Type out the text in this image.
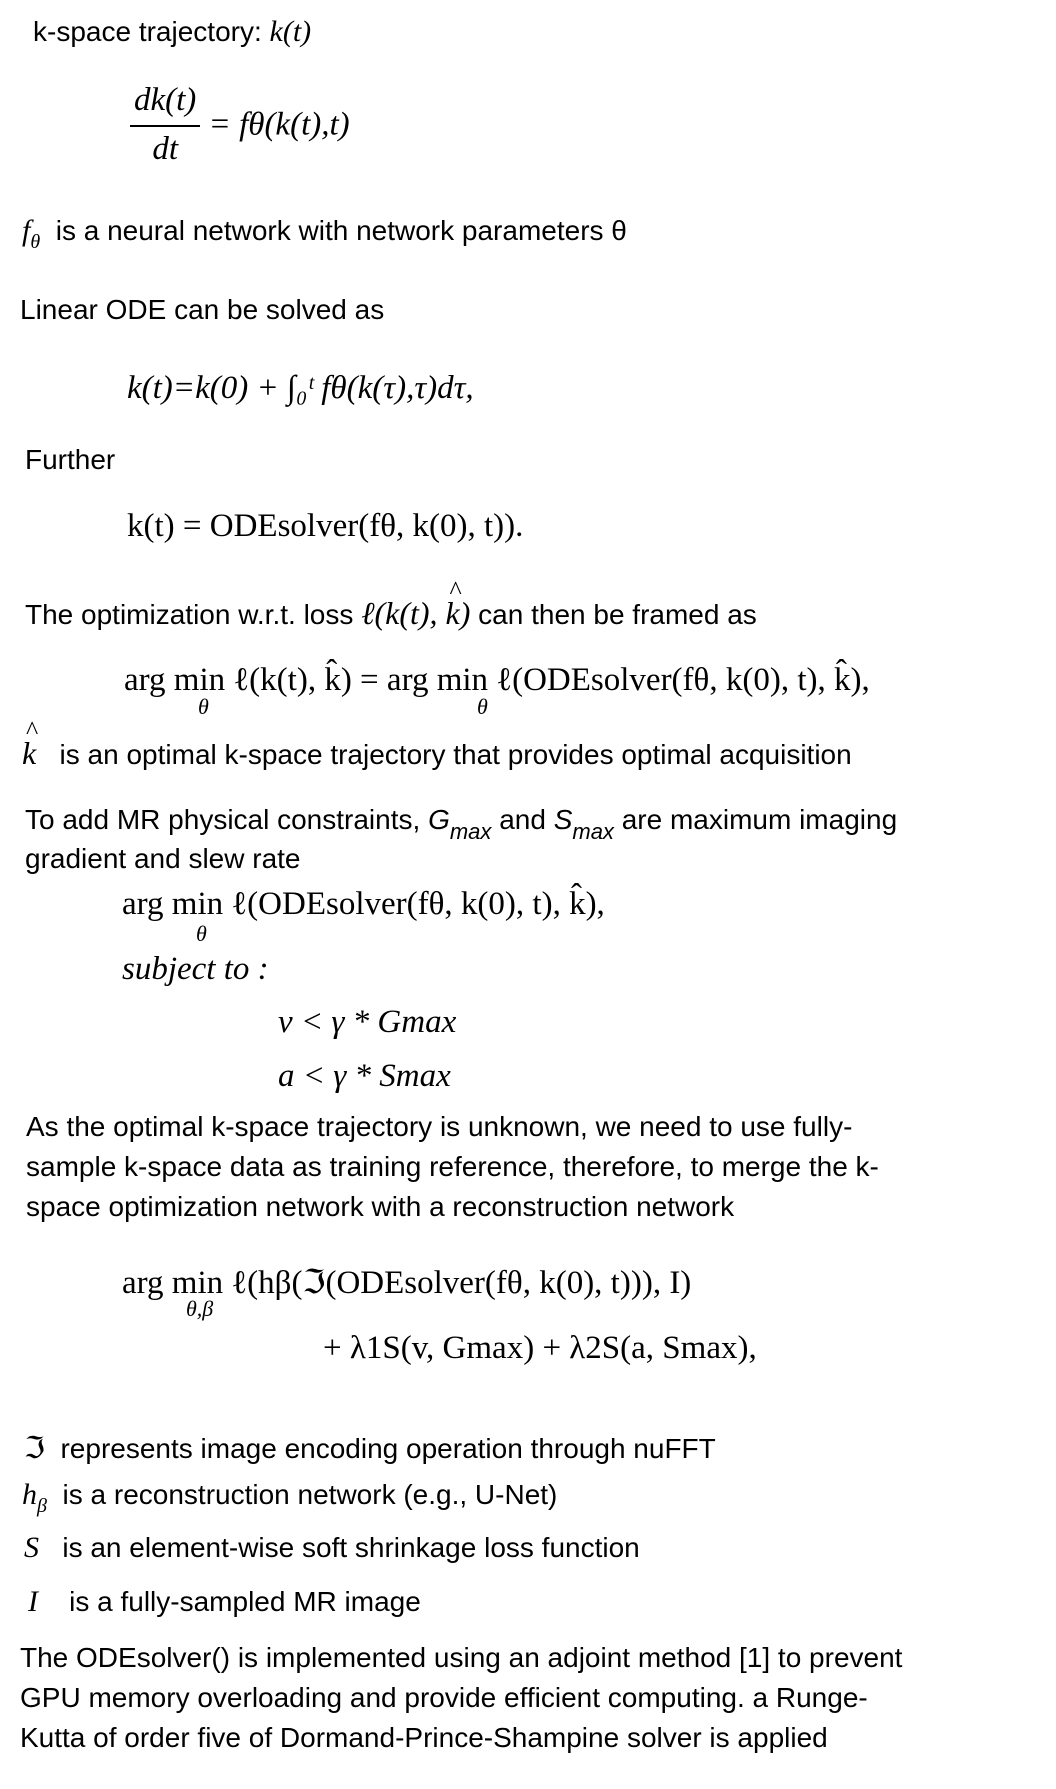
k-space trajectory: k(t)
$\frac{dk(t)}{dt} = f\theta(k(t),t)$
$f_\theta$ is a neural network with network parameters θ
Linear ODE can be solved as
k(t)=k(0) + ∫₀ᵗ fθ(k(τ),τ)dτ,
Further
k(t) = ODEsolver(fθ, k(0), t)).
The optimization w.r.t. loss ℓ(k(t), ^ k) can then be framed as
arg min ℓ(k(t), k̂) = arg min ℓ(ODEsolver(fθ, k(0), t), k̂),
θ	θ
^ k is an optimal k-space trajectory that provides optimal acquisition
To add MR physical constraints, $G_{max}$ and $S_{max}$ are maximum imaging
gradient and slew rate
arg min ℓ(ODEsolver(fθ, k(0), t), k̂),
θ
subject to :
v < γ * Gmax
a < γ * Smax
As the optimal k-space trajectory is unknown, we need to use fully-
sample k-space data as training reference, therefore, to merge the k-
space optimization network with a reconstruction network
arg min ℓ(hβ(ℑ(ODEsolver(fθ, k(0), t))), I)
θ,β
+ λ1S(v, Gmax) + λ2S(a, Smax),
ℑ represents image encoding operation through nuFFT
$h_\beta$ is a reconstruction network (e.g., U-Net)
S is an element-wise soft shrinkage loss function
I is a fully-sampled MR image
The ODEsolver() is implemented using an adjoint method [1] to prevent
GPU memory overloading and provide efficient computing. a Runge-
Kutta of order five of Dormand-Prince-Shampine solver is applied
